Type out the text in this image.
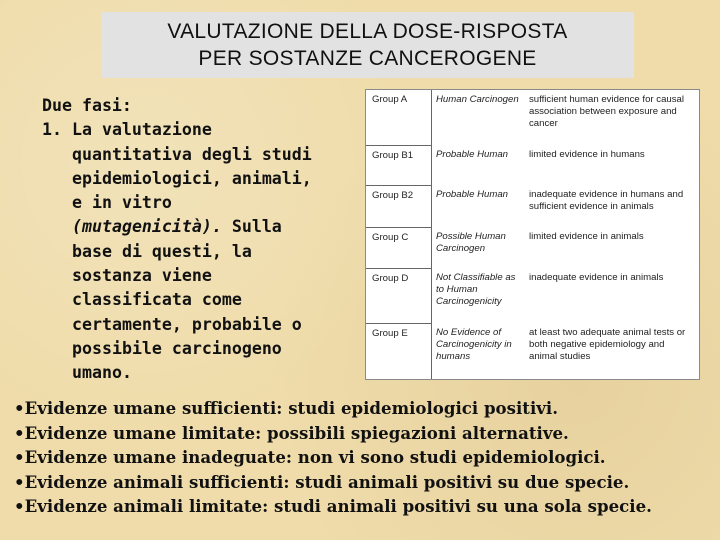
VALUTAZIONE DELLA DOSE-RISPOSTA
PER SOSTANZE CANCEROGENE
Due fasi:
1. La valutazione
quantitativa degli studi
epidemiologici, animali,
e in vitro
(mutagenicità). Sulla
base di questi, la
sostanza viene
classificata come
certamente, probabile o
possibile carcinogeno
umano.
Group A	Human Carcinogen	sufficient human evidence for causal association between exposure and cancer
Group B1	Probable Human	limited evidence in humans
Group B2	Probable Human	inadequate evidence in humans and sufficient evidence in animals
Group C	Possible Human Carcinogen	limited evidence in animals
Group D	Not Classifiable as to Human Carcinogenicity	inadequate evidence in animals
Group E	No Evidence of Carcinogenicity in humans	at least two adequate animal tests or both negative epidemiology and animal studies
•Evidenze umane sufficienti: studi epidemiologici positivi.
•Evidenze umane limitate: possibili spiegazioni alternative.
•Evidenze umane inadeguate: non vi sono studi epidemiologici.
•Evidenze animali sufficienti: studi animali positivi su due specie.
•Evidenze animali limitate: studi animali positivi su una sola specie.
